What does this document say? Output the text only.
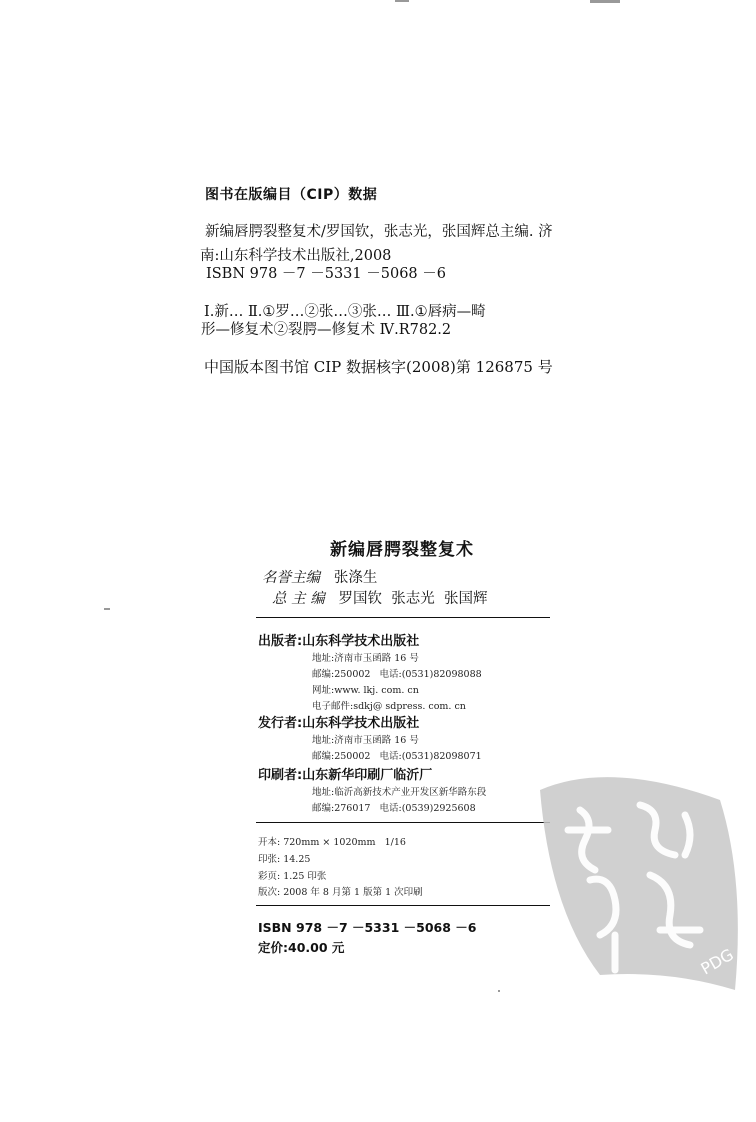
图书在版编目（CIP）数据
新编唇腭裂整复术/罗国钦，张志光，张国辉总主编. 济
南:山东科学技术出版社,2008
ISBN 978 －7 －5331 －5068 －6
Ⅰ.新… Ⅱ.①罗…②张…③张… Ⅲ.①唇病—畸
形—修复术②裂腭—修复术 Ⅳ.R782.2
中国版本图书馆 CIP 数据核字(2008)第 126875 号
新编唇腭裂整复术
名誉主编 张涤生
总 主 编 罗国钦  张志光  张国辉
出版者:山东科学技术出版社
地址:济南市玉函路 16 号
邮编:250002   电话:(0531)82098088
网址:www. lkj. com. cn
电子邮件:sdkj@ sdpress. com. cn
发行者:山东科学技术出版社
地址:济南市玉函路 16 号
邮编:250002   电话:(0531)82098071
印刷者:山东新华印刷厂临沂厂
地址:临沂高新技术产业开发区新华路东段
邮编:276017   电话:(0539)2925608
开本: 720mm × 1020mm   1/16
印张: 14.25
彩页: 1.25 印张
版次: 2008 年 8 月第 1 版第 1 次印刷
ISBN 978 －7 －5331 －5068 －6
定价:40.00 元	PDG
